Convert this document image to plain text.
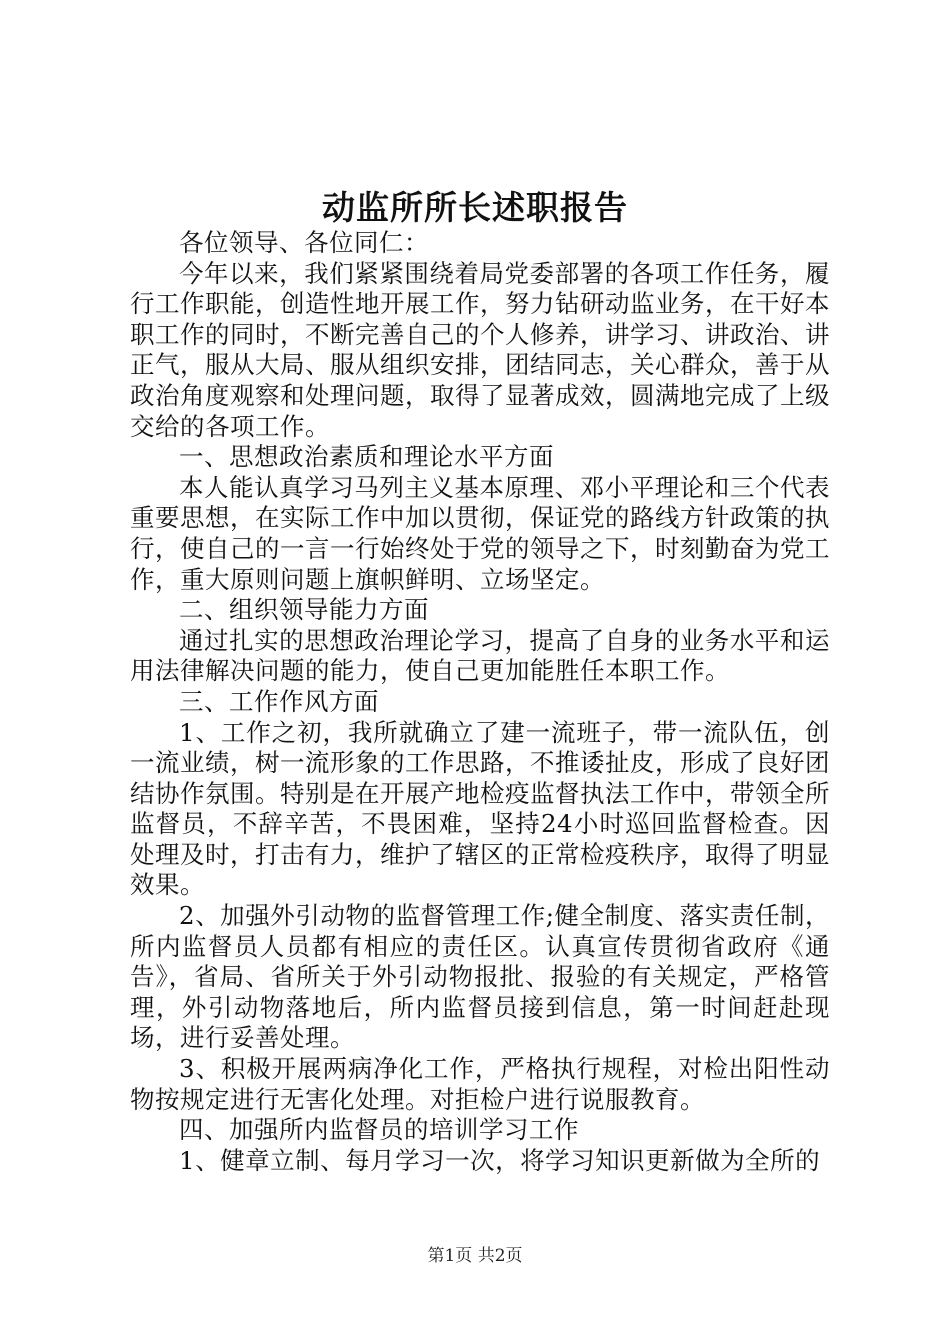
动监所所长述职报告

各位领导、各位同仁：

今年以来，我们紧紧围绕着局党委部署的各项工作任务，履行工作职能，创造性地开展工作，努力钻研动监业务，在干好本职工作的同时，不断完善自己的个人修养，讲学习、讲政治、讲正气，服从大局、服从组织安排，团结同志，关心群众，善于从政治角度观察和处理问题，取得了显著成效，圆满地完成了上级交给的各项工作。

一、思想政治素质和理论水平方面

本人能认真学习马列主义基本原理、邓小平理论和三个代表重要思想，在实际工作中加以贯彻，保证党的路线方针政策的执行，使自己的一言一行始终处于党的领导之下，时刻勤奋为党工作，重大原则问题上旗帜鲜明、立场坚定。

二、组织领导能力方面

通过扎实的思想政治理论学习，提高了自身的业务水平和运用法律解决问题的能力，使自己更加能胜任本职工作。

三、工作作风方面

1、工作之初，我所就确立了建一流班子，带一流队伍，创一流业绩，树一流形象的工作思路，不推诿扯皮，形成了良好团结协作氛围。特别是在开展产地检疫监督执法工作中，带领全所监督员，不辞辛苦，不畏困难，坚持24小时巡回监督检查。因处理及时，打击有力，维护了辖区的正常检疫秩序，取得了明显效果。

2、加强外引动物的监督管理工作;健全制度、落实责任制，所内监督员人员都有相应的责任区。认真宣传贯彻省政府《通告》，省局、省所关于外引动物报批、报验的有关规定，严格管理，外引动物落地后，所内监督员接到信息，第一时间赶赴现场，进行妥善处理。

3、积极开展两病净化工作，严格执行规程，对检出阳性动物按规定进行无害化处理。对拒检户进行说服教育。

四、加强所内监督员的培训学习工作

1、健章立制、每月学习一次，将学习知识更新做为全所的

第1页 共2页
